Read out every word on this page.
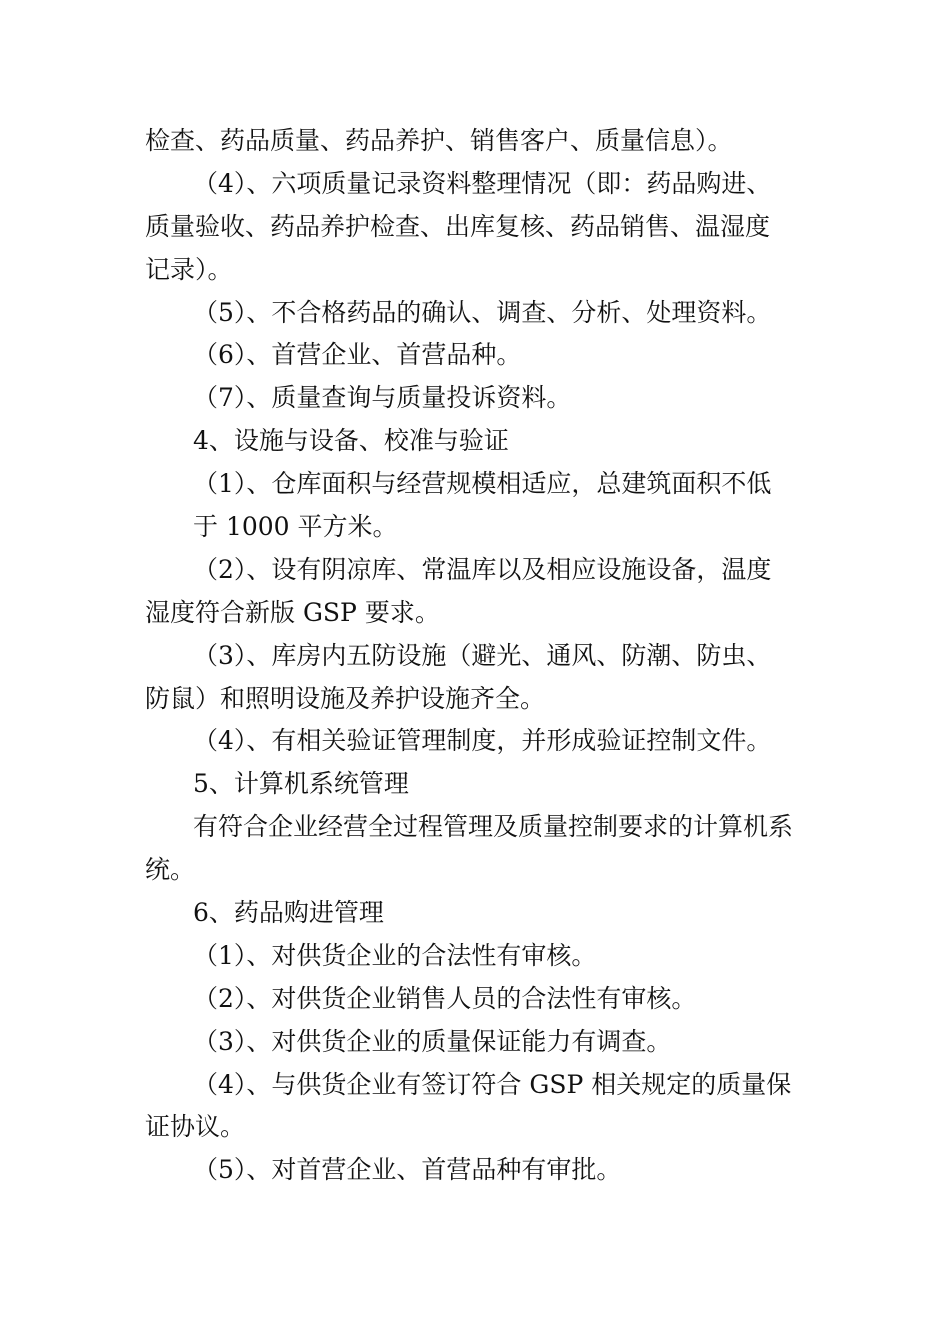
检查、药品质量、药品养护、销售客户、质量信息）。
（4）、六项质量记录资料整理情况（即：药品购进、
质量验收、药品养护检查、出库复核、药品销售、温湿度
记录）。
（5）、不合格药品的确认、调查、分析、处理资料。
（6）、首营企业、首营品种。
（7）、质量查询与质量投诉资料。
4、设施与设备、校准与验证
（1）、仓库面积与经营规模相适应，总建筑面积不低
于 1000 平方米。
（2）、设有阴凉库、常温库以及相应设施设备，温度
湿度符合新版 GSP 要求。
（3）、库房内五防设施（避光、通风、防潮、防虫、
防鼠）和照明设施及养护设施齐全。
（4）、有相关验证管理制度，并形成验证控制文件。
5、计算机系统管理
有符合企业经营全过程管理及质量控制要求的计算机系
统。
6、药品购进管理
（1）、对供货企业的合法性有审核。
（2）、对供货企业销售人员的合法性有审核。
（3）、对供货企业的质量保证能力有调查。
（4）、与供货企业有签订符合 GSP 相关规定的质量保
证协议。
（5）、对首营企业、首营品种有审批。
